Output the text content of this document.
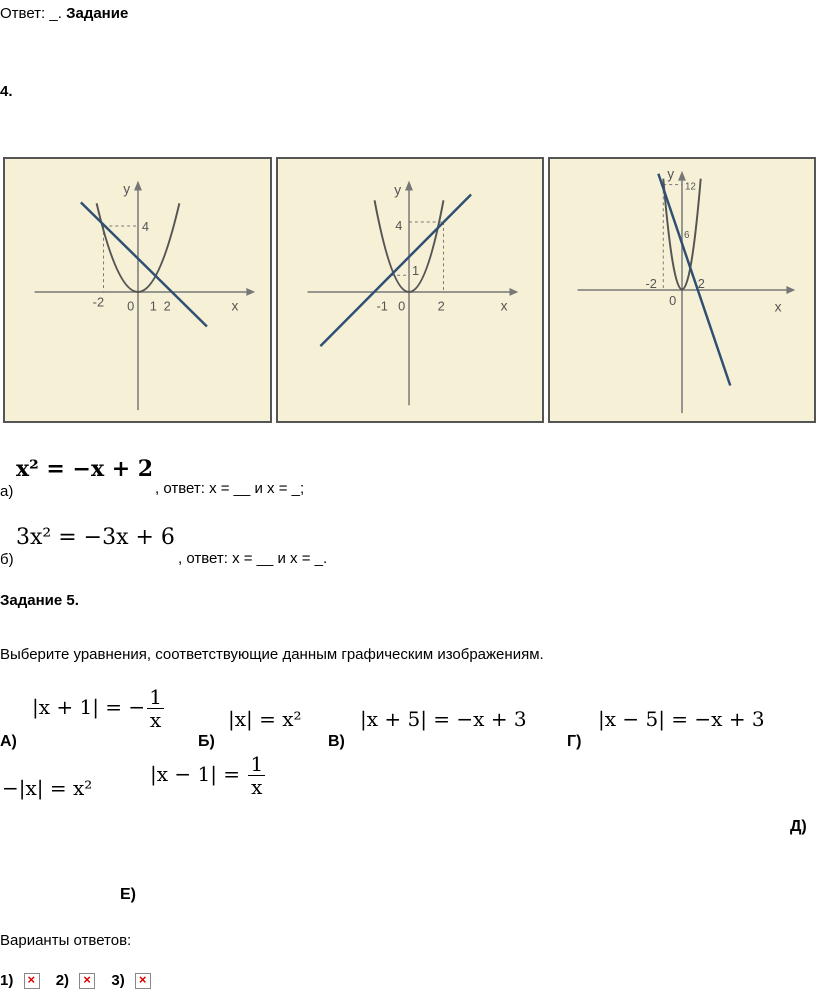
Ответ: _. Задание
4.
y
x
-2 0 1 2
4
y
x
-1 0 2
4
1
y
x
-2
0
2
12
6
а)
x² = −x + 2
, ответ: х = __ и х = _;
б)
3x² = −3x + 6
, ответ: х = __ и х = _.
Задание 5.
Выберите уравнения, соответствующие данным графическим изображениям.
|x + 1| = − $\frac{1}{x}$
А)
|x| = x²
Б)
|x + 5| = −x + 3
В)
|x − 5| = −x + 3
Г)
−|x| = x²
$|x - 1| = \frac{1}{x}$
Д)
Е)
Варианты ответов:
1) ×	2) ×	3) ×
